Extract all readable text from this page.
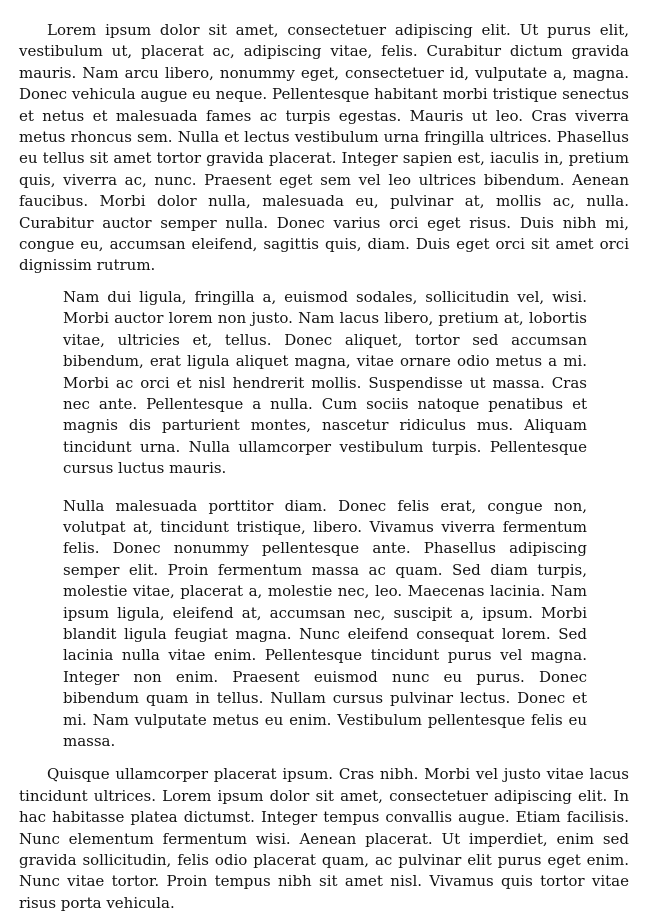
Lorem ipsum dolor sit amet, consectetuer adipiscing elit. Ut purus elit, vestibulum ut, placerat ac, adipiscing vitae, felis. Curabitur dictum gravida mauris. Nam arcu libero, nonummy eget, consectetuer id, vulputate a, magna. Donec vehicula augue eu neque. Pellentesque habitant morbi tristique senectus et netus et malesuada fames ac turpis egestas. Mauris ut leo. Cras viverra metus rhoncus sem. Nulla et lectus vestibulum urna fringilla ultrices. Phasellus eu tellus sit amet tortor gravida placerat. Integer sapien est, iaculis in, pretium quis, viverra ac, nunc. Praesent eget sem vel leo ultrices bibendum. Aenean faucibus. Morbi dolor nulla, malesuada eu, pulvinar at, mollis ac, nulla. Curabitur auctor semper nulla. Donec varius orci eget risus. Duis nibh mi, congue eu, accumsan eleifend, sagittis quis, diam. Duis eget orci sit amet orci dignissim rutrum.

Nam dui ligula, fringilla a, euismod sodales, sollicitudin vel, wisi. Morbi auctor lorem non justo. Nam lacus libero, pretium at, lobortis vitae, ultricies et, tellus. Donec aliquet, tortor sed accumsan bibendum, erat ligula aliquet magna, vitae ornare odio metus a mi. Morbi ac orci et nisl hendrerit mollis. Suspendisse ut massa. Cras nec ante. Pellentesque a nulla. Cum sociis natoque penatibus et magnis dis parturient montes, nascetur ridiculus mus. Aliquam tincidunt urna. Nulla ullamcorper vestibulum turpis. Pellentesque cursus luctus mauris.

Nulla malesuada porttitor diam. Donec felis erat, congue non, volutpat at, tincidunt tristique, libero. Vivamus viverra fermentum felis. Donec nonummy pellentesque ante. Phasellus adipiscing semper elit. Proin fermentum massa ac quam. Sed diam turpis, molestie vitae, placerat a, molestie nec, leo. Maecenas lacinia. Nam ipsum ligula, eleifend at, accumsan nec, suscipit a, ipsum. Morbi blandit ligula feugiat magna. Nunc eleifend consequat lorem. Sed lacinia nulla vitae enim. Pellentesque tincidunt purus vel magna. Integer non enim. Praesent euismod nunc eu purus. Donec bibendum quam in tellus. Nullam cursus pulvinar lectus. Donec et mi. Nam vulputate metus eu enim. Vestibulum pellentesque felis eu massa.

Quisque ullamcorper placerat ipsum. Cras nibh. Morbi vel justo vitae lacus tincidunt ultrices. Lorem ipsum dolor sit amet, consectetuer adipiscing elit. In hac habitasse platea dictumst. Integer tempus convallis augue. Etiam facilisis. Nunc elementum fermentum wisi. Aenean placerat. Ut imperdiet, enim sed gravida sollicitudin, felis odio placerat quam, ac pulvinar elit purus eget enim. Nunc vitae tortor. Proin tempus nibh sit amet nisl. Vivamus quis tortor vitae risus porta vehicula.
